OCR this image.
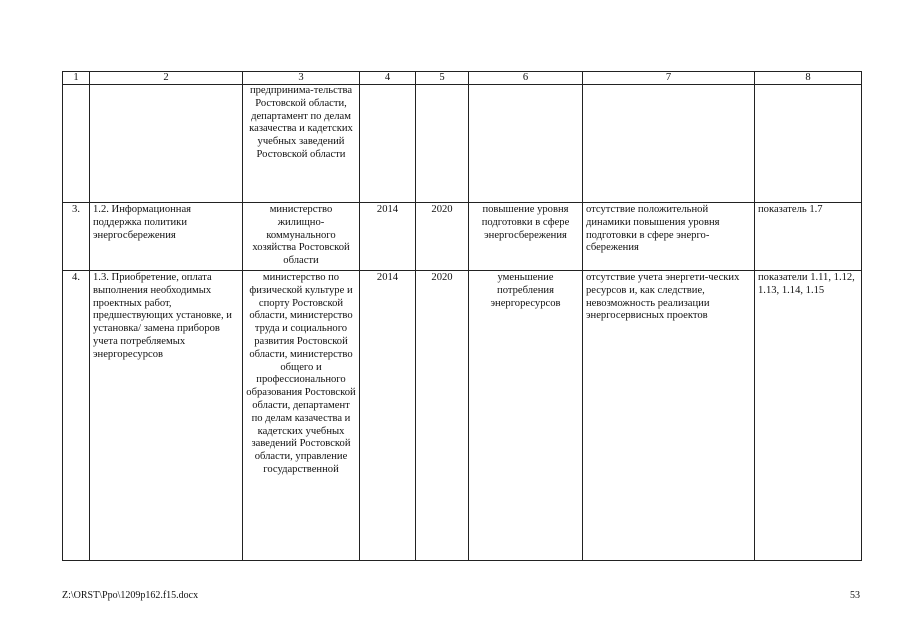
1	2	3	4	5	6	7	8
		предпринима-тельства Ростовской области, департамент по делам казачества и кадетских учебных заведений Ростовской области					
3.	1.2. Информационная поддержка политики энергосбережения	министерство жилищно-коммунального хозяйства Ростовской области	2014	2020	повышение уровня подготовки в сфере энергосбережения	отсутствие положительной динамики повышения уровня подготовки в сфере энерго-сбережения	показатель 1.7
4.	1.3. Приобретение, оплата выполнения необходимых проектных работ, предшествующих установке, и установка/ замена приборов учета потребляемых энергоресурсов	министерство по физической культуре и спорту Ростовской области, министерство труда и социального развития Ростовской области, министерство общего и профессионального образования Ростовской области, департамент по делам казачества и кадетских учебных заведений Ростовской области, управление государственной	2014	2020	уменьшение потребления энергоресурсов	отсутствие учета энергети-ческих ресурсов и, как следствие, невозможность реализации энергосервисных проектов	показатели 1.11, 1.12, 1.13, 1.14, 1.15
Z:\ORST\Ppo\1209p162.f15.docx	53
